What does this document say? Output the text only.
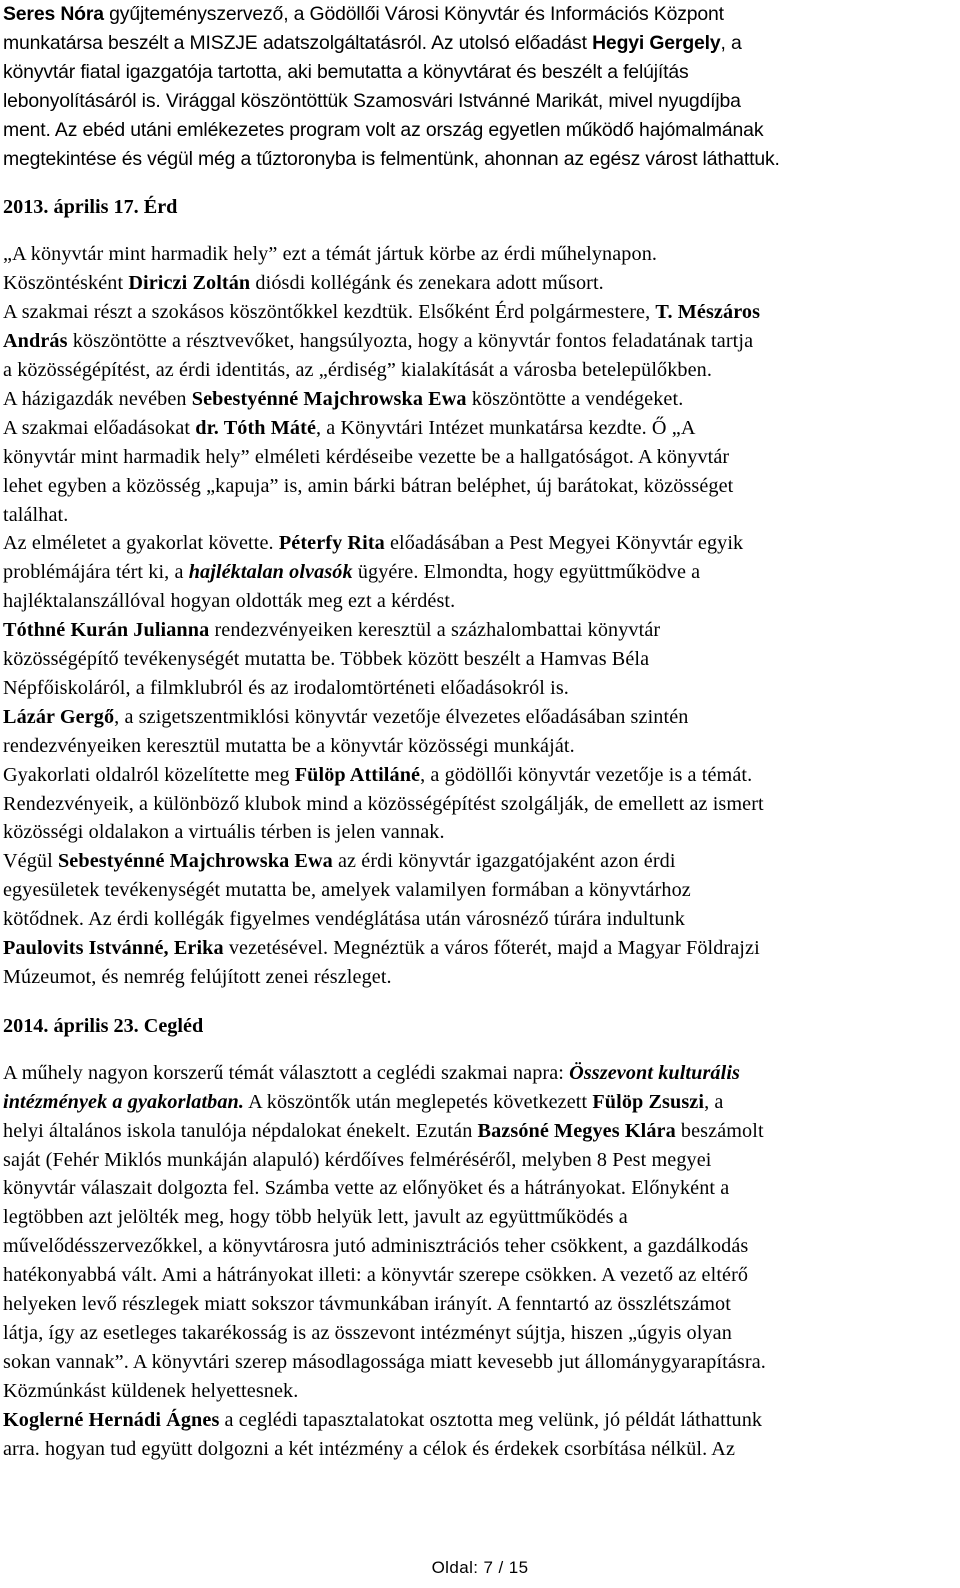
Seres Nóra gyűjteményszervező, a Gödöllői Városi Könyvtár és Információs Központ
munkatársa beszélt a MISZJE adatszolgáltatásról. Az utolsó előadást Hegyi Gergely, a
könyvtár fiatal igazgatója tartotta, aki bemutatta a könyvtárat és beszélt a felújítás
lebonyolításáról is. Virággal köszöntöttük Szamosvári Istvánné Marikát, mivel nyugdíjba
ment. Az ebéd utáni emlékezetes program volt az ország egyetlen működő hajómalmának
megtekintése és végül még a tűztoronyba is felmentünk, ahonnan az egész várost láthattuk.
2013. április 17. Érd
„A könyvtár mint harmadik hely” ezt a témát jártuk körbe az érdi műhelynapon.
Köszöntésként Diriczi Zoltán diósdi kollégánk és zenekara adott műsort.
A szakmai részt a szokásos köszöntőkkel kezdtük. Elsőként Érd polgármestere, T. Mészáros
András köszöntötte a résztvevőket, hangsúlyozta, hogy a könyvtár fontos feladatának tartja
a közösségépítést, az érdi identitás, az „érdiség” kialakítását a városba betelepülőkben.
A házigazdák nevében Sebestyénné Majchrowska Ewa köszöntötte a vendégeket.
A szakmai előadásokat dr. Tóth Máté, a Könyvtári Intézet munkatársa kezdte. Ő „A
könyvtár mint harmadik hely” elméleti kérdéseibe vezette be a hallgatóságot. A könyvtár
lehet egyben a közösség „kapuja” is, amin bárki bátran beléphet, új barátokat, közösséget
találhat.
Az elméletet a gyakorlat követte. Péterfy Rita előadásában a Pest Megyei Könyvtár egyik
problémájára tért ki, a hajléktalan olvasók ügyére. Elmondta, hogy együttműködve a
hajléktalanszállóval hogyan oldották meg ezt a kérdést.
Tóthné Kurán Julianna rendezvényeiken keresztül a százhalombattai könyvtár
közösségépítő tevékenységét mutatta be. Többek között beszélt a Hamvas Béla
Népfőiskoláról, a filmklubról és az irodalomtörténeti előadásokról is.
Lázár Gergő, a szigetszentmiklósi könyvtár vezetője élvezetes előadásában szintén
rendezvényeiken keresztül mutatta be a könyvtár közösségi munkáját.
Gyakorlati oldalról közelítette meg Fülöp Attiláné, a gödöllői könyvtár vezetője is a témát.
Rendezvényeik, a különböző klubok mind a közösségépítést szolgálják, de emellett az ismert
közösségi oldalakon a virtuális térben is jelen vannak.
Végül Sebestyénné Majchrowska Ewa az érdi könyvtár igazgatójaként azon érdi
egyesületek tevékenységét mutatta be, amelyek valamilyen formában a könyvtárhoz
kötődnek. Az érdi kollégák figyelmes vendéglátása után városnéző túrára indultunk
Paulovits Istvánné, Erika vezetésével. Megnéztük a város főterét, majd a Magyar Földrajzi
Múzeumot, és nemrég felújított zenei részleget.
2014. április 23. Cegléd
A műhely nagyon korszerű témát választott a ceglédi szakmai napra: Összevont kulturális
intézmények a gyakorlatban. A köszöntők után meglepetés következett Fülöp Zsuszi, a
helyi általános iskola tanulója népdalokat énekelt. Ezután Bazsóné Megyes Klára beszámolt
saját (Fehér Miklós munkáján alapuló) kérdőíves felméréséről, melyben 8 Pest megyei
könyvtár válaszait dolgozta fel. Számba vette az előnyöket és a hátrányokat. Előnyként a
legtöbben azt jelölték meg, hogy több helyük lett, javult az együttműködés a
művelődésszervezőkkel, a könyvtárosra jutó adminisztrációs teher csökkent, a gazdálkodás
hatékonyabbá vált. Ami a hátrányokat illeti: a könyvtár szerepe csökken. A vezető az eltérő
helyeken levő részlegek miatt sokszor távmunkában irányít. A fenntartó az összlétszámot
látja, így az esetleges takarékosság is az összevont intézményt sújtja, hiszen „úgyis olyan
sokan vannak”. A könyvtári szerep másodlagossága miatt kevesebb jut állománygyarapításra.
Közmúnkást küldenek helyettesnek.
Koglerné Hernádi Ágnes a ceglédi tapasztalatokat osztotta meg velünk, jó példát láthattunk
arra. hogyan tud együtt dolgozni a két intézmény a célok és érdekek csorbítása nélkül. Az
Oldal: 7 / 15
